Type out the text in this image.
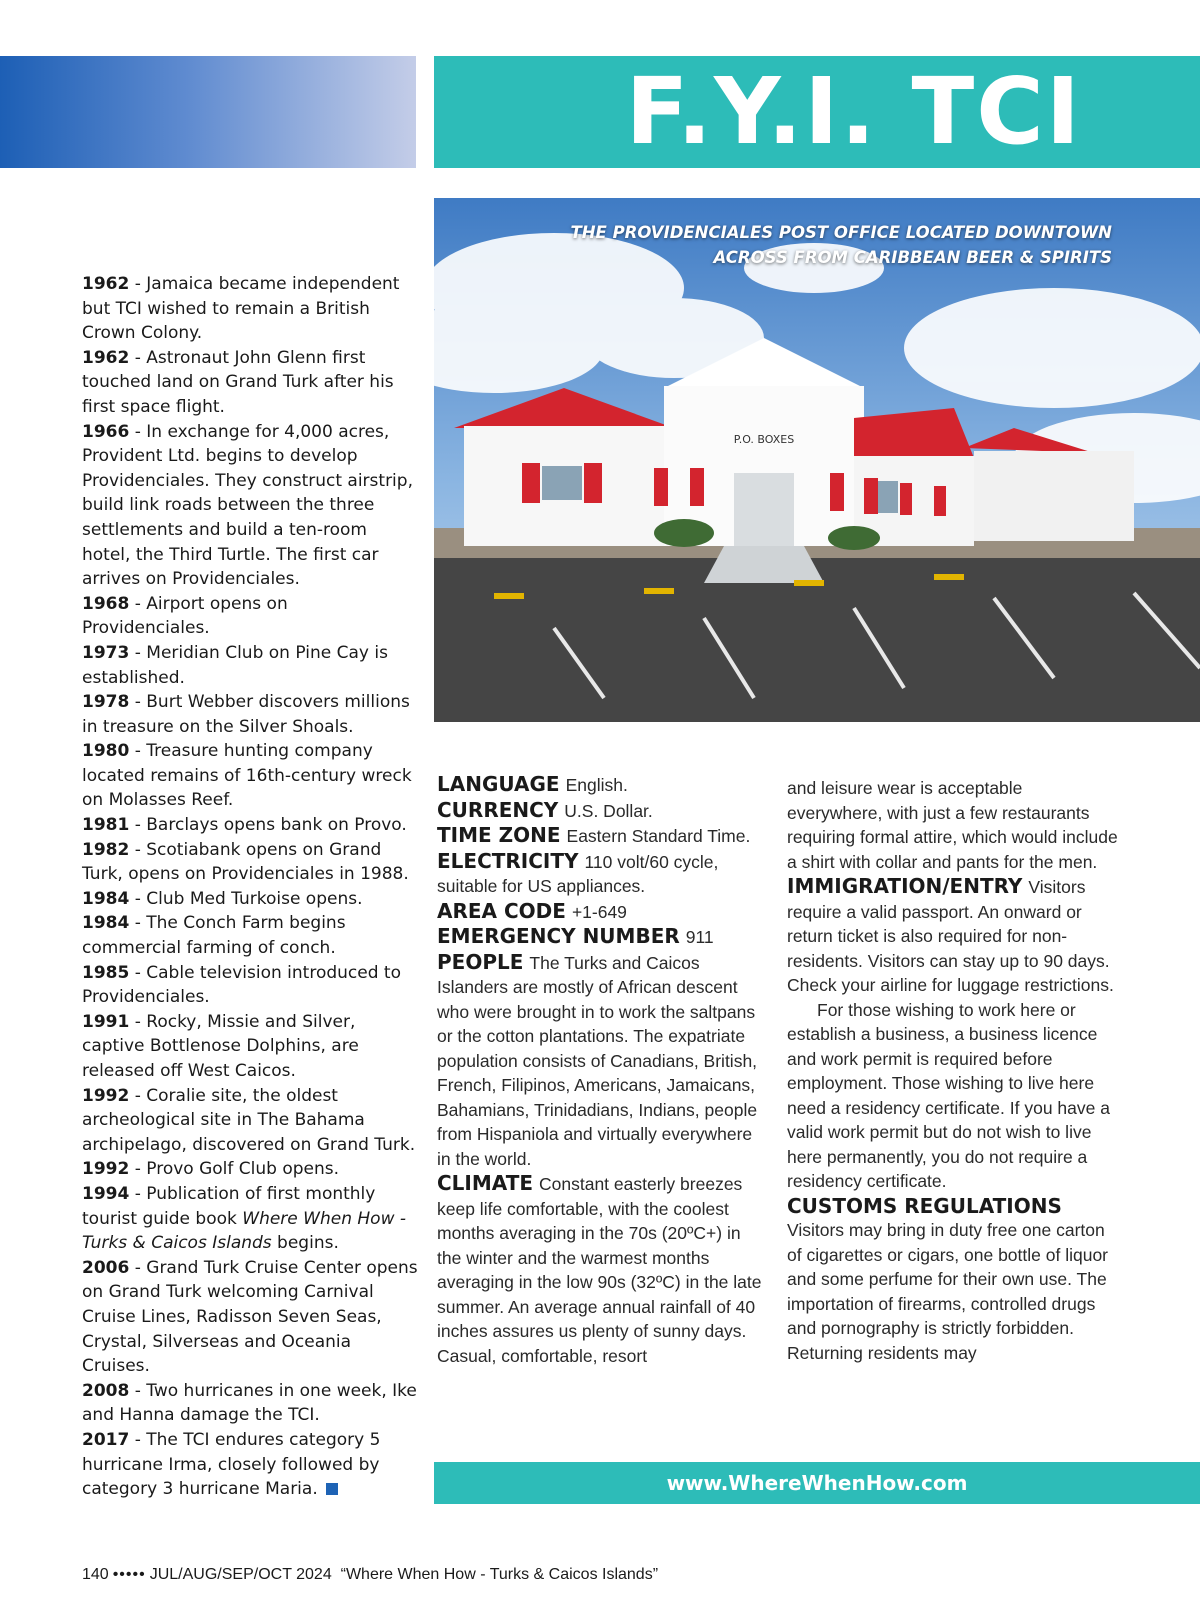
F.Y.I. TCI
P.O. BOXES
THE PROVIDENCIALES POST OFFICE LOCATED DOWNTOWN
ACROSS FROM CARIBBEAN BEER & SPIRITS

1962 - Jamaica became independent but TCI wished to remain a British Crown Colony.

1962 - Astronaut John Glenn first touched land on Grand Turk after his first space flight.

1966 - In exchange for 4,000 acres, Provident Ltd. begins to develop Providenciales. They construct airstrip, build link roads between the three settlements and build a ten-room hotel, the Third Turtle. The first car arrives on Providenciales.

1968 - Airport opens on Providenciales.

1973 - Meridian Club on Pine Cay is established.

1978 - Burt Webber discovers millions in treasure on the Silver Shoals.

1980 - Treasure hunting company located remains of 16th-century wreck on Molasses Reef.

1981 - Barclays opens bank on Provo.

1982 - Scotiabank opens on Grand Turk, opens on Providenciales in 1988.

1984 - Club Med Turkoise opens.

1984 - The Conch Farm begins commercial farming of conch.

1985 - Cable television introduced to Providenciales.

1991 - Rocky, Missie and Silver, captive Bottlenose Dolphins, are released off West Caicos.

1992 - Coralie site, the oldest archeological site in The Bahama archipelago, discovered on Grand Turk.

1992 - Provo Golf Club opens.

1994 - Publication of first monthly tourist guide book Where When How - Turks & Caicos Islands begins.

2006 - Grand Turk Cruise Center opens on Grand Turk welcoming Carnival Cruise Lines, Radisson Seven Seas, Crystal, Silverseas and Oceania Cruises.

2008 - Two hurricanes in one week, Ike and Hanna damage the TCI.

2017 - The TCI endures category 5 hurricane Irma, closely followed by category 3 hurricane Maria.

LANGUAGE English.

CURRENCY U.S. Dollar.

TIME ZONE Eastern Standard Time.

ELECTRICITY 110 volt/60 cycle, suitable for US appliances.

AREA CODE +1-649

EMERGENCY NUMBER 911

PEOPLE The Turks and Caicos Islanders are mostly of African descent who were brought in to work the saltpans or the cotton plantations. The expatriate population consists of Canadians, British, French, Filipinos, Americans, Jamaicans, Bahamians, Trinidadians, Indians, people from Hispaniola and virtually everywhere in the world.

CLIMATE Constant easterly breezes keep life comfortable, with the coolest months averaging in the 70s (20ºC+) in the winter and the warmest months averaging in the low 90s (32ºC) in the late summer. An average annual rainfall of 40 inches assures us plenty of sunny days. Casual, comfortable, resort

and leisure wear is acceptable everywhere, with just a few restaurants requiring formal attire, which would include a shirt with collar and pants for the men.

IMMIGRATION/ENTRY Visitors require a valid passport. An onward or return ticket is also required for non-residents. Visitors can stay up to 90 days. Check your airline for luggage restrictions.

For those wishing to work here or establish a business, a business licence and work permit is required before employment. Those wishing to live here need a residency certificate. If you have a valid work permit but do not wish to live here permanently, you do not require a residency certificate.

CUSTOMS REGULATIONS
Visitors may bring in duty free one carton of cigarettes or cigars, one bottle of liquor and some perfume for their own use. The importation of firearms, controlled drugs and pornography is strictly forbidden. Returning residents may

www.WhereWhenHow.com
140 ••••• JUL/AUG/SEP/OCT 2024 “Where When How - Turks & Caicos Islands”
